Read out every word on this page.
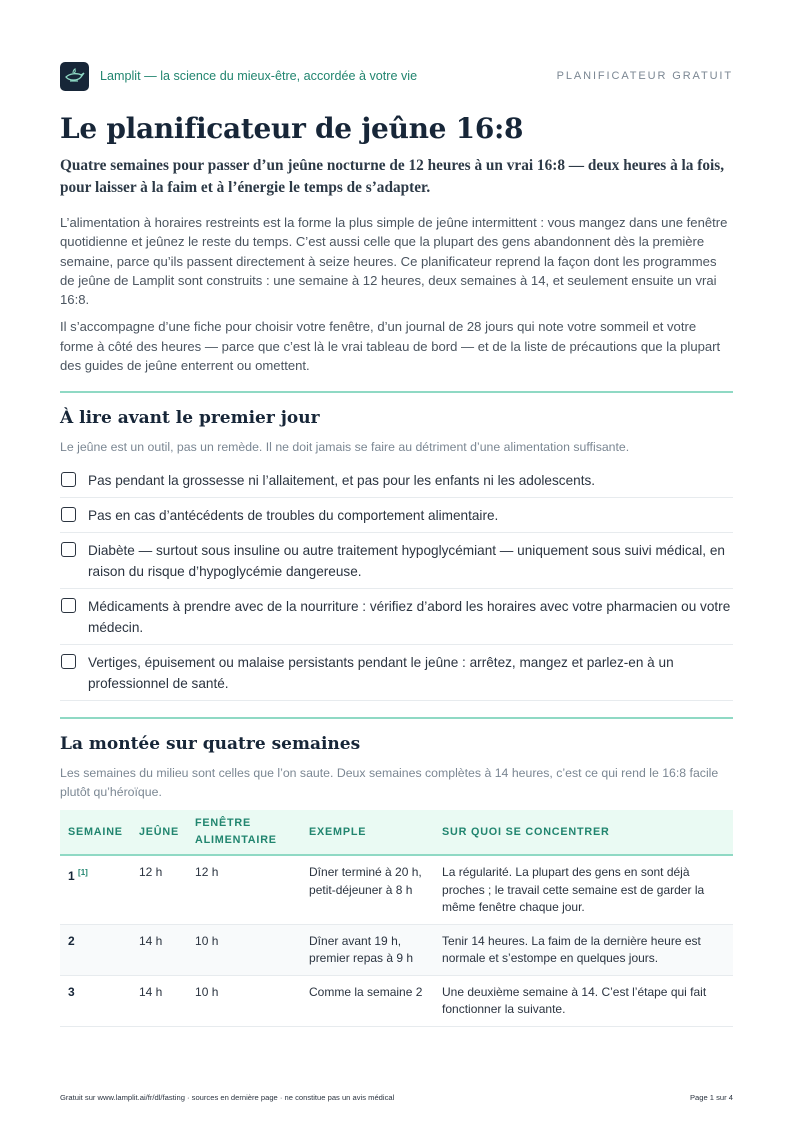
Lamplit — la science du mieux-être, accordée à votre vie	PLANIFICATEUR GRATUIT
Le planificateur de jeûne 16:8

Quatre semaines pour passer d’un jeûne nocturne de 12 heures à un vrai 16:8 — deux heures à la fois, pour laisser à la faim et à l’énergie le temps de s’adapter.

L’alimentation à horaires restreints est la forme la plus simple de jeûne intermittent : vous mangez dans une fenêtre quotidienne et jeûnez le reste du temps. C’est aussi celle que la plupart des gens abandonnent dès la première semaine, parce qu’ils passent directement à seize heures. Ce planificateur reprend la façon dont les programmes de jeûne de Lamplit sont construits : une semaine à 12 heures, deux semaines à 14, et seulement ensuite un vrai 16:8.

Il s’accompagne d’une fiche pour choisir votre fenêtre, d’un journal de 28 jours qui note votre sommeil et votre forme à côté des heures — parce que c’est là le vrai tableau de bord — et de la liste de précautions que la plupart des guides de jeûne enterrent ou omettent.

À lire avant le premier jour

Le jeûne est un outil, pas un remède. Il ne doit jamais se faire au détriment d’une alimentation suffisante.

Pas pendant la grossesse ni l’allaitement, et pas pour les enfants ni les adolescents.
Pas en cas d’antécédents de troubles du comportement alimentaire.
Diabète — surtout sous insuline ou autre traitement hypoglycémiant — uniquement sous suivi médical, en raison du risque d’hypoglycémie dangereuse.
Médicaments à prendre avec de la nourriture : vérifiez d’abord les horaires avec votre pharmacien ou votre médecin.
Vertiges, épuisement ou malaise persistants pendant le jeûne : arrêtez, mangez et parlez-en à un professionnel de santé.
La montée sur quatre semaines

Les semaines du milieu sont celles que l’on saute. Deux semaines complètes à 14 heures, c’est ce qui rend le 16:8 facile plutôt qu’héroïque.

SEMAINE	JEÛNE	FENÊTRE ALIMENTAIRE	EXEMPLE	SUR QUOI SE CONCENTRER
1 [1]	12 h	12 h	Dîner terminé à 20 h, petit-déjeuner à 8 h	La régularité. La plupart des gens en sont déjà proches ; le travail cette semaine est de garder la même fenêtre chaque jour.
2	14 h	10 h	Dîner avant 19 h, premier repas à 9 h	Tenir 14 heures. La faim de la dernière heure est normale et s’estompe en quelques jours.
3	14 h	10 h	Comme la semaine 2	Une deuxième semaine à 14. C’est l’étape qui fait fonctionner la suivante.
Gratuit sur www.lamplit.ai/fr/dl/fasting · sources en dernière page · ne constitue pas un avis médical	Page 1 sur 4
